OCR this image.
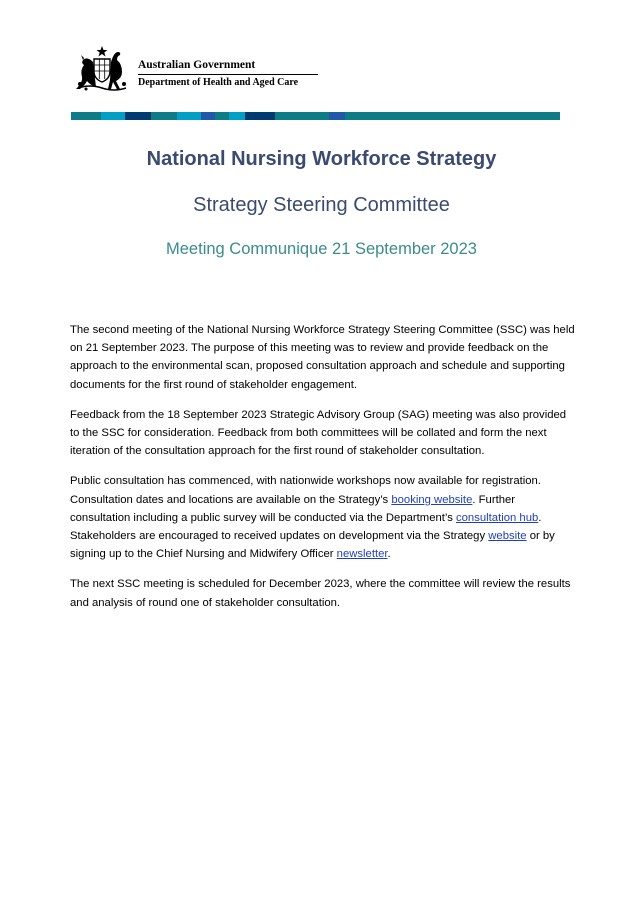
Australian Government
Department of Health and Aged Care
National Nursing Workforce Strategy
Strategy Steering Committee
Meeting Communique 21 September 2023

The second meeting of the National Nursing Workforce Strategy Steering Committee (SSC) was held on 21 September 2023. The purpose of this meeting was to review and provide feedback on the approach to the environmental scan, proposed consultation approach and schedule and supporting documents for the first round of stakeholder engagement.

Feedback from the 18 September 2023 Strategic Advisory Group (SAG) meeting was also provided to the SSC for consideration. Feedback from both committees will be collated and form the next iteration of the consultation approach for the first round of stakeholder consultation.

Public consultation has commenced, with nationwide workshops now available for registration. Consultation dates and locations are available on the Strategy’s booking website. Further consultation including a public survey will be conducted via the Department’s consultation hub. Stakeholders are encouraged to received updates on development via the Strategy website or by signing up to the Chief Nursing and Midwifery Officer newsletter.

The next SSC meeting is scheduled for December 2023, where the committee will review the results and analysis of round one of stakeholder consultation.
